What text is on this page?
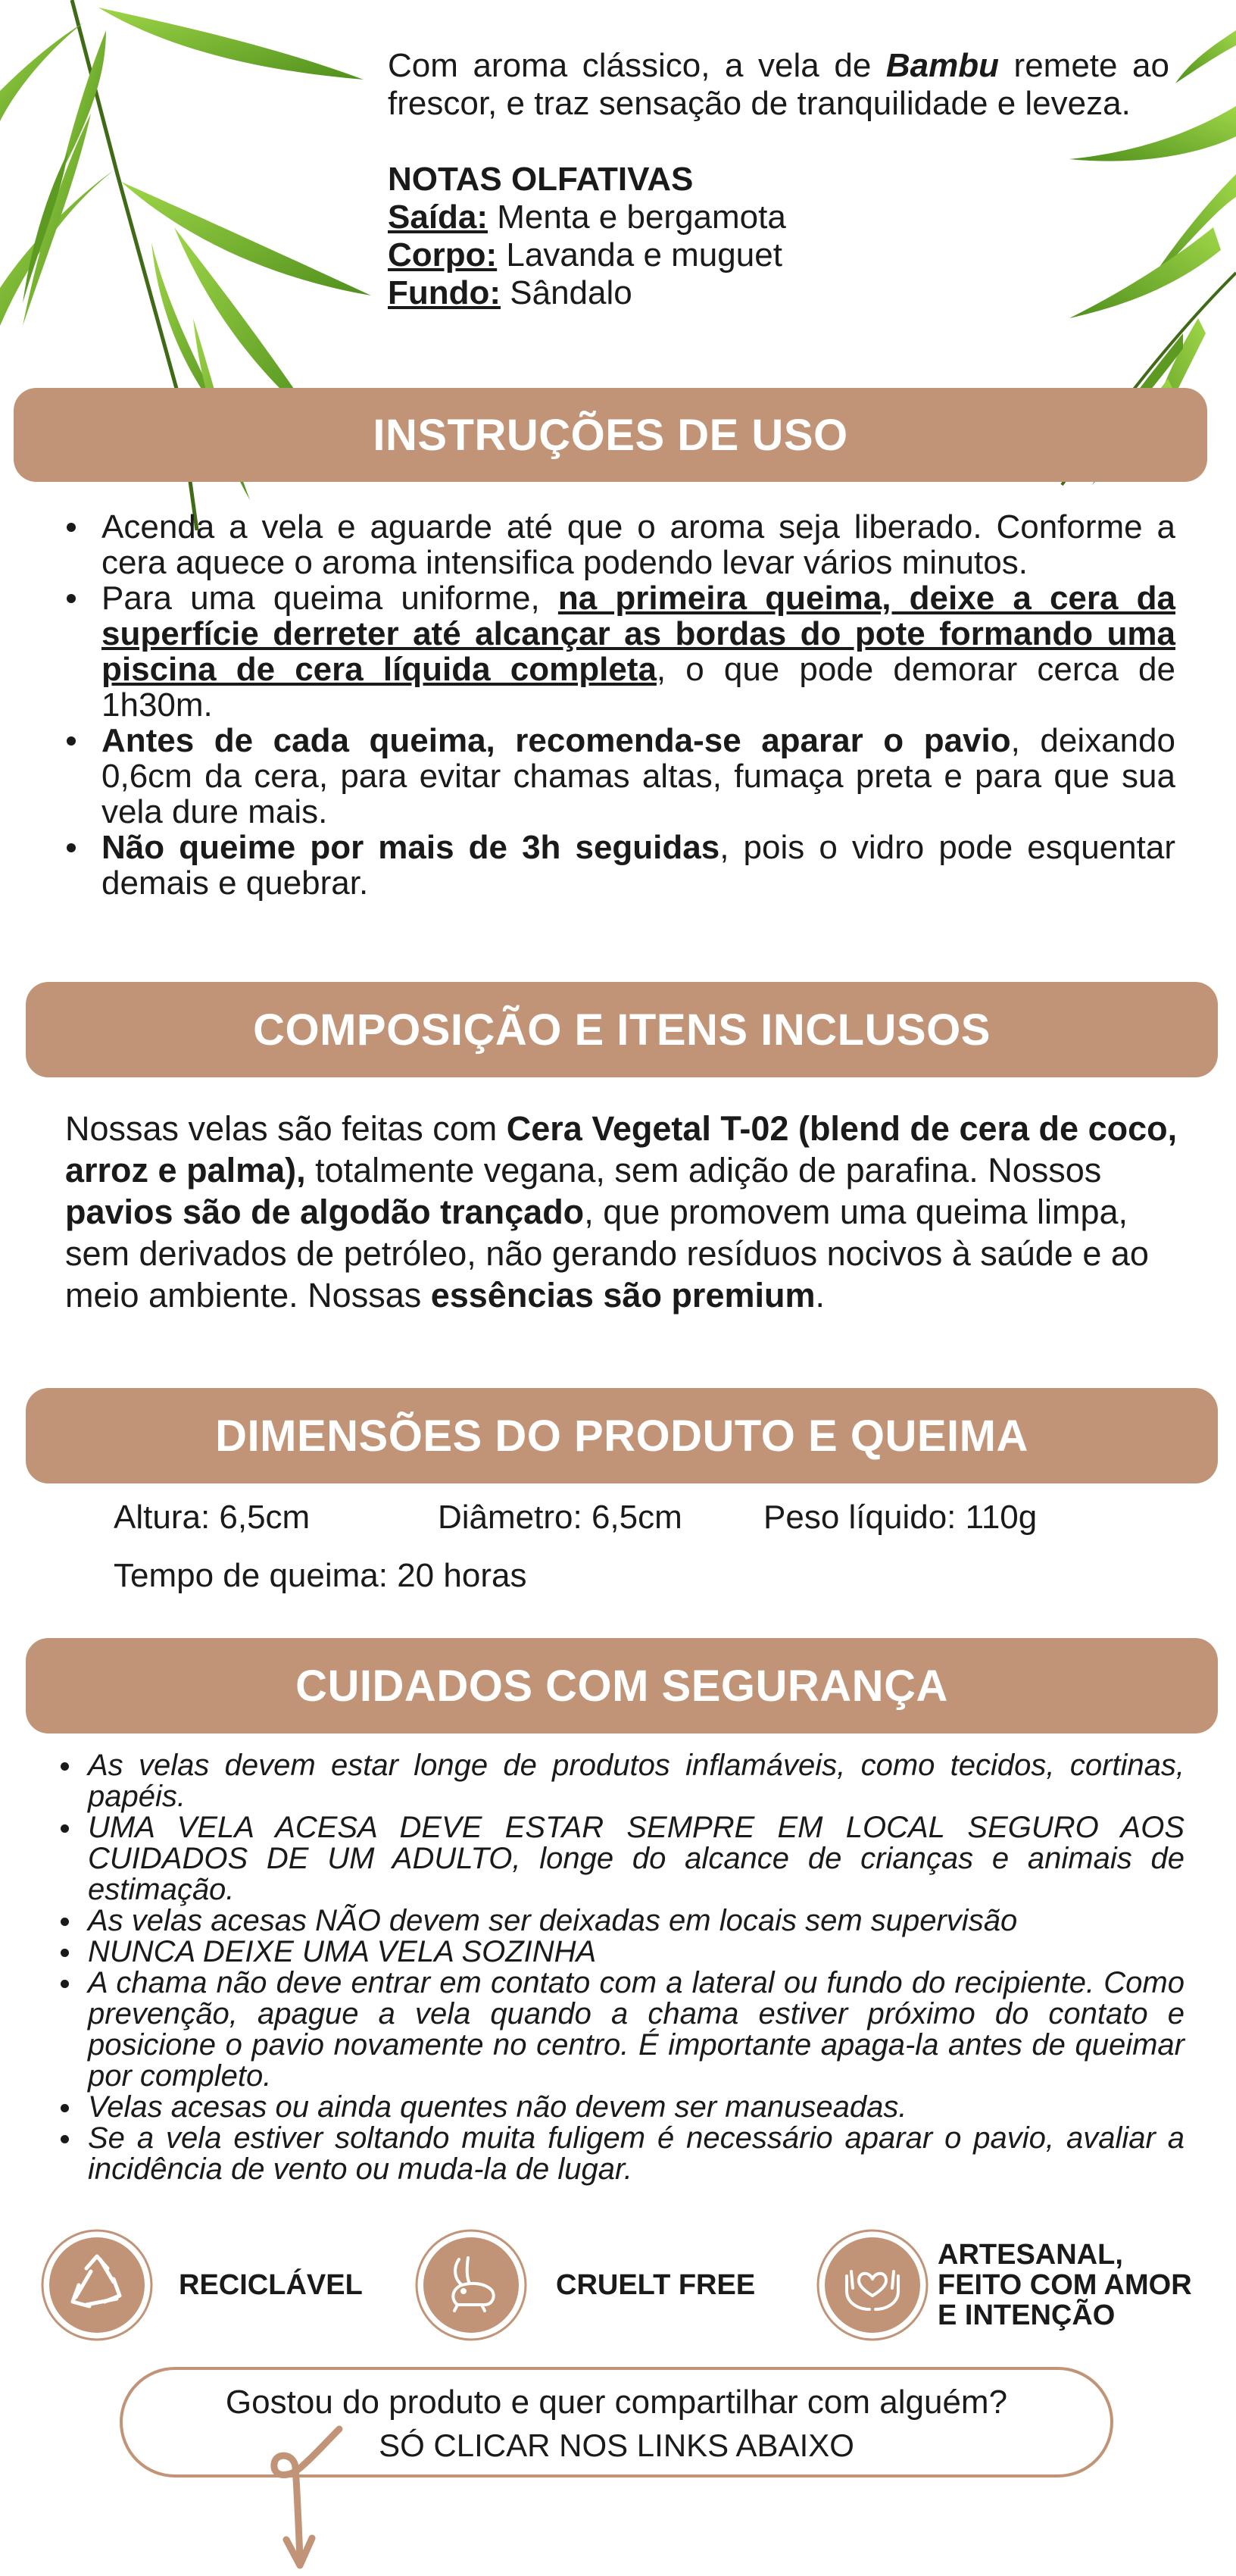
Com aroma clássico, a vela de Bambu remete ao frescor, e traz sensação de tranquilidade e leveza.

NOTAS OLFATIVAS
Saída: Menta e bergamota
Corpo: Lavanda e muguet
Fundo: Sândalo
INSTRUÇÕES DE USO
Acenda a vela e aguarde até que o aroma seja liberado. Conforme a cera aquece o aroma intensifica podendo levar vários minutos.
Para uma queima uniforme, na primeira queima, deixe a cera da superfície derreter até alcançar as bordas do pote formando uma piscina de cera líquida completa, o que pode demorar cerca de 1h30m.
Antes de cada queima, recomenda-se aparar o pavio, deixando 0,6cm da cera, para evitar chamas altas, fumaça preta e para que sua vela dure mais.
Não queime por mais de 3h seguidas, pois o vidro pode esquentar demais e quebrar.
COMPOSIÇÃO E ITENS INCLUSOS

Nossas velas são feitas com Cera Vegetal T-02 (blend de cera de coco, arroz e palma), totalmente vegana, sem adição de parafina. Nossos pavios são de algodão trançado, que promovem uma queima limpa, sem derivados de petróleo, não gerando resíduos nocivos à saúde e ao meio ambiente. Nossas essências são premium.

DIMENSÕES DO PRODUTO E QUEIMA
Altura: 6,5cm	Diâmetro: 6,5cm Peso líquido: 110g
Tempo de queima: 20 horas
CUIDADOS COM SEGURANÇA
As velas devem estar longe de produtos inflamáveis, como tecidos, cortinas, papéis.
UMA VELA ACESA DEVE ESTAR SEMPRE EM LOCAL SEGURO AOS CUIDADOS DE UM ADULTO, longe do alcance de crianças e animais de estimação.
As velas acesas NÃO devem ser deixadas em locais sem supervisão
NUNCA DEIXE UMA VELA SOZINHA
A chama não deve entrar em contato com a lateral ou fundo do recipiente. Como prevenção, apague a vela quando a chama estiver próximo do contato e posicione o pavio novamente no centro. É importante apaga-la antes de queimar por completo.
Velas acesas ou ainda quentes não devem ser manuseadas.
Se a vela estiver soltando muita fuligem é necessário aparar o pavio, avaliar a incidência de vento ou muda-la de lugar.
RECICLÁVEL	CRUELT FREE
ARTESANAL,
FEITO COM AMOR
E INTENÇÃO
Gostou do produto e quer compartilhar com alguém?
SÓ CLICAR NOS LINKS ABAIXO
